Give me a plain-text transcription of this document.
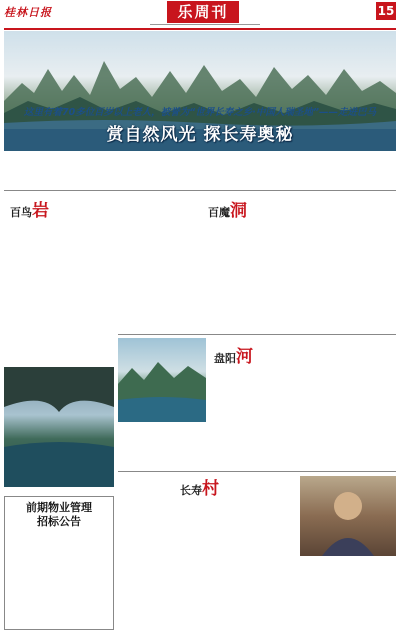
桂林日报	乐周刊	15
这里有着70多位百岁以上老人，被誉为“世界长寿之乡·中国人瑞圣地”——走进巴马
赏自然风光 探长寿奥秘
百鸟岩
前期物业管理
招标公告
百魔洞
盘阳河
长寿村
